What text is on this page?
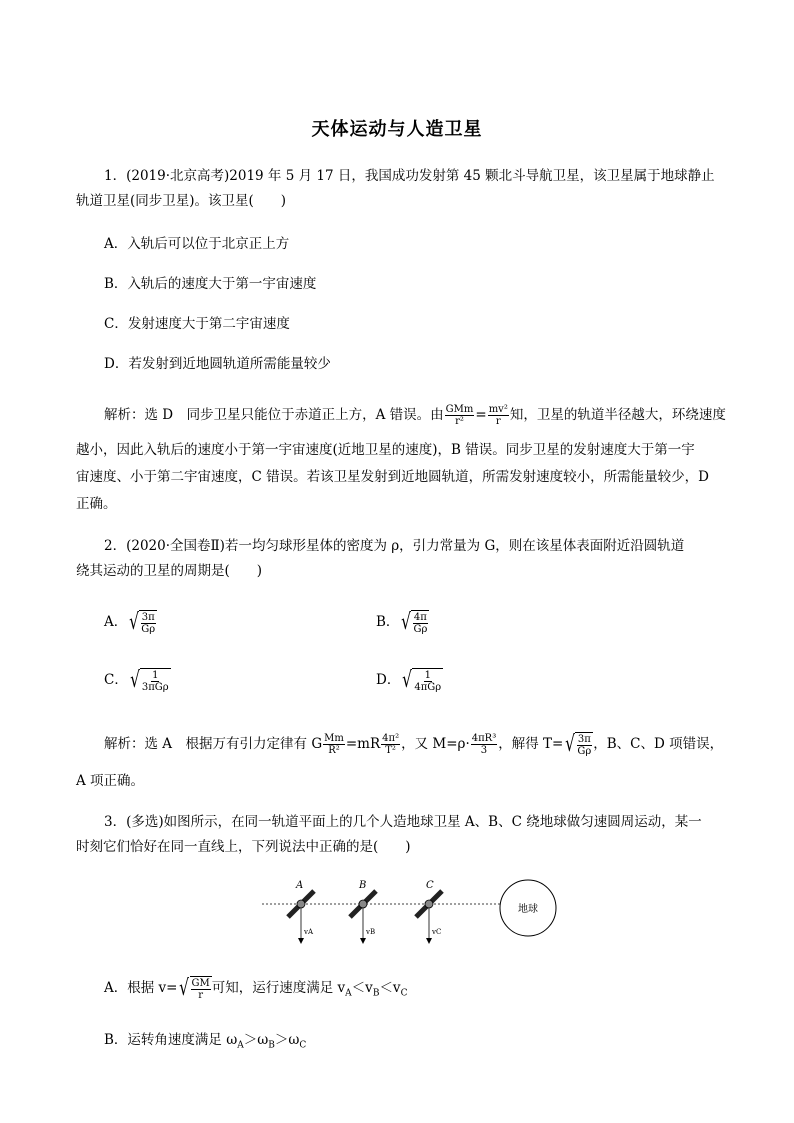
天体运动与人造卫星
1．(2019·北京高考)2019 年 5 月 17 日，我国成功发射第 45 颗北斗导航卫星，该卫星属于地球静止
轨道卫星(同步卫星)。该卫星(　　)
A．入轨后可以位于北京正上方
B．入轨后的速度大于第一宇宙速度
C．发射速度大于第二宇宙速度
D．若发射到近地圆轨道所需能量较少
解析：选 D　同步卫星只能位于赤道正上方，A 错误。由 $\frac{\text{GMm}}{\text{r²}} = \frac{\text{mv²}}{r}$ 知，卫星的轨道半径越大，环绕速度
越小，因此入轨后的速度小于第一宇宙速度(近地卫星的速度)，B 错误。同步卫星的发射速度大于第一宇
宙速度、小于第二宇宙速度，C 错误。若该卫星发射到近地圆轨道，所需发射速度较小，所需能量较少，D
正确。
2．(2020·全国卷Ⅱ)若一均匀球形星体的密度为 ρ，引力常量为 G，则在该星体表面附近沿圆轨道
绕其运动的卫星的周期是(　　)
A． √ $\frac{3\pi}{G\rho}$	B． √ $\frac{4\pi}{G\rho}$
C． √ $\frac{1}{\text{3πGρ}}$	D． √ $\frac{1}{\text{4πGρ}}$
解析：选 A　根据万有引力定律有 G $\frac{Mm}{\text{R²}} =mR \frac{\text{4π²}}{\text{T²}}$ ，又 $M=\rho\cdot \frac{\text{4πR³}}{3}$ ，解得 T= √ $\frac{3\pi}{G\rho}$ ，B、C、D 项错误，
A 项正确。
3．(多选)如图所示，在同一轨道平面上的几个人造地球卫星 A、B、C 绕地球做匀速圆周运动，某一
时刻它们恰好在同一直线上，下列说法中正确的是(　　)
A
vA
B
vB
C
vC
地球
A．根据 v= √ $\frac{GM}{r}$ 可知，运行速度满足 $v_A<v_B<v_C$
B．运转角速度满足 $\omega_A>\omega_B>\omega_C$
